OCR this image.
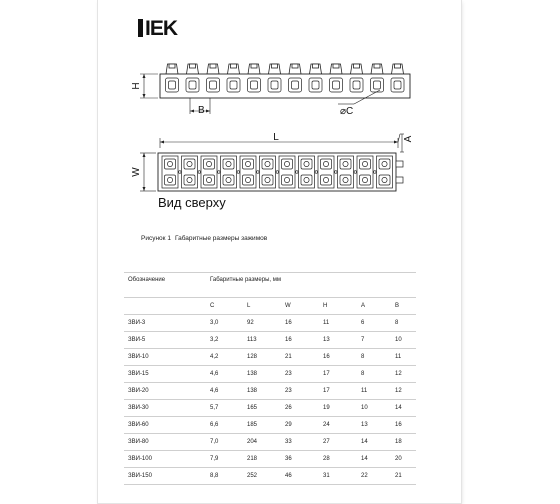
IEK
H
B	⌀C
L	A
W
Вид сверху
Рисунок 1 Габаритные размеры зажимов
Обозначение	Габаритные размеры, мм					
	C	L	W	H	A	B
ЗВИ-3	3,0	92	16	11	6	8
ЗВИ-5	3,2	113	16	13	7	10
ЗВИ-10	4,2	128	21	16	8	11
ЗВИ-15	4,6	138	23	17	8	12
ЗВИ-20	4,6	138	23	17	11	12
ЗВИ-30	5,7	165	26	19	10	14
ЗВИ-60	6,6	185	29	24	13	16
ЗВИ-80	7,0	204	33	27	14	18
ЗВИ-100	7,9	218	36	28	14	20
ЗВИ-150	8,8	252	46	31	22	21
